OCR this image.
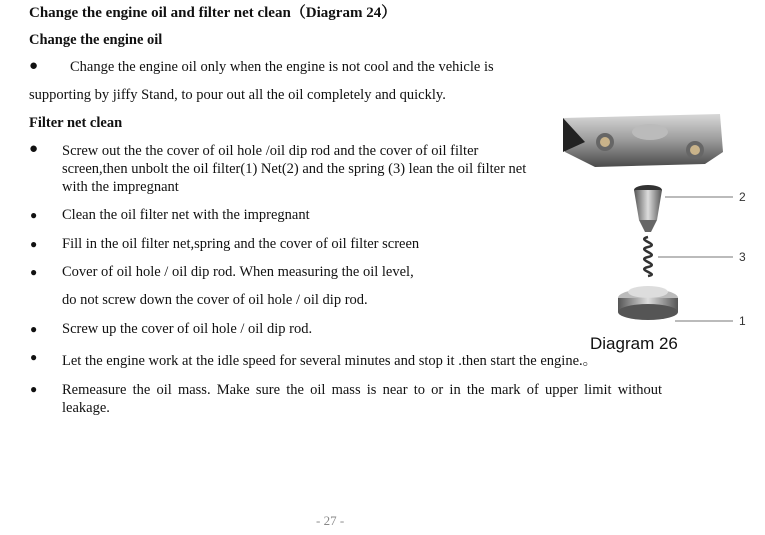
Change the engine oil and filter net clean（Diagram 24）
Change the engine oil
● Change the engine oil only when the engine is not cool and the vehicle is
supporting by jiffy Stand, to pour out all the oil completely and quickly.
Filter net clean
● Screw out the the cover of oil hole /oil dip rod and the cover of oil filter screen,then unbolt the oil filter(1) Net(2) and the spring (3) lean the oil filter net with the impregnant
● Clean the oil filter net with the impregnant
● Fill in the oil filter net,spring and the cover of oil filter screen
● Cover of oil hole / oil dip rod. When measuring the oil level,
do not screw down the cover of oil hole / oil dip rod.
● Screw up the cover of oil hole / oil dip rod.
● Let the engine work at the idle speed for several minutes and stop it .then start the engine.。
● Remeasure the oil mass. Make sure the oil mass is near to or in the mark of upper limit without leakage.
2
3
1
Diagram 26
- 27 -
